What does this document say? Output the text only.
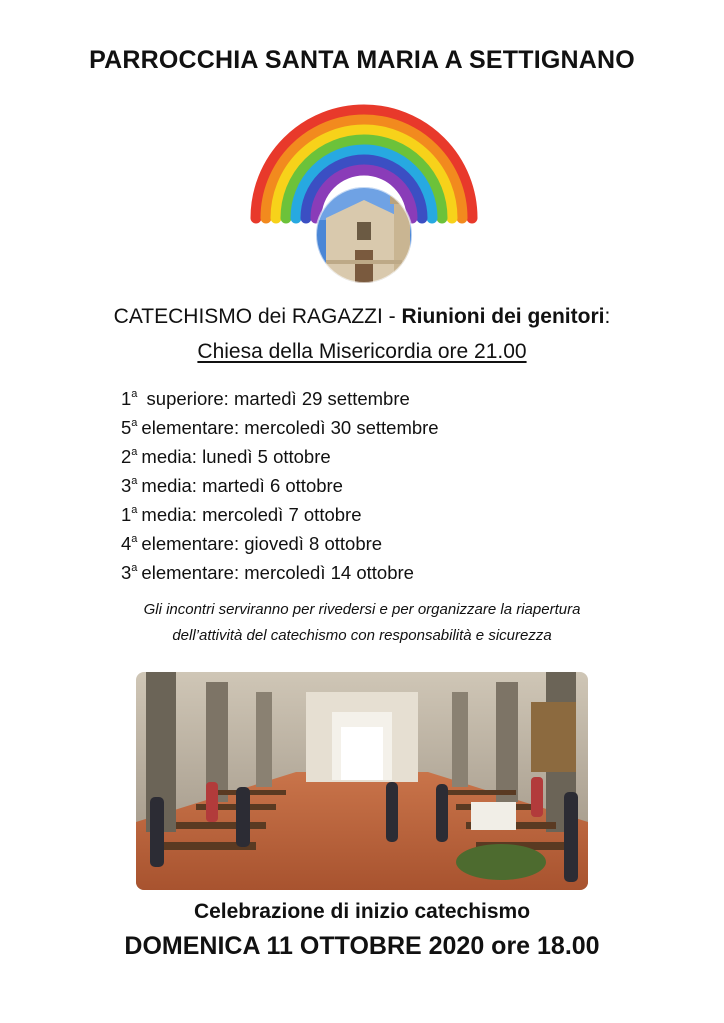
PARROCCHIA SANTA MARIA A SETTIGNANO
CATECHISMO dei RAGAZZI - Riunioni dei genitori:
Chiesa della Misericordia ore 21.00
1$^a$ superiore: martedì 29 settembre
5$^a$ elementare: mercoledì 30 settembre
2$^a$ media: lunedì 5 ottobre
3$^a$ media: martedì 6 ottobre
1$^a$ media: mercoledì 7 ottobre
4$^a$ elementare: giovedì 8 ottobre
3$^a$ elementare: mercoledì 14 ottobre
Gli incontri serviranno per rivedersi e per organizzare la riapertura
dell’attività del catechismo con responsabilità e sicurezza
Celebrazione di inizio catechismo
DOMENICA 11 OTTOBRE 2020 ore 18.00
